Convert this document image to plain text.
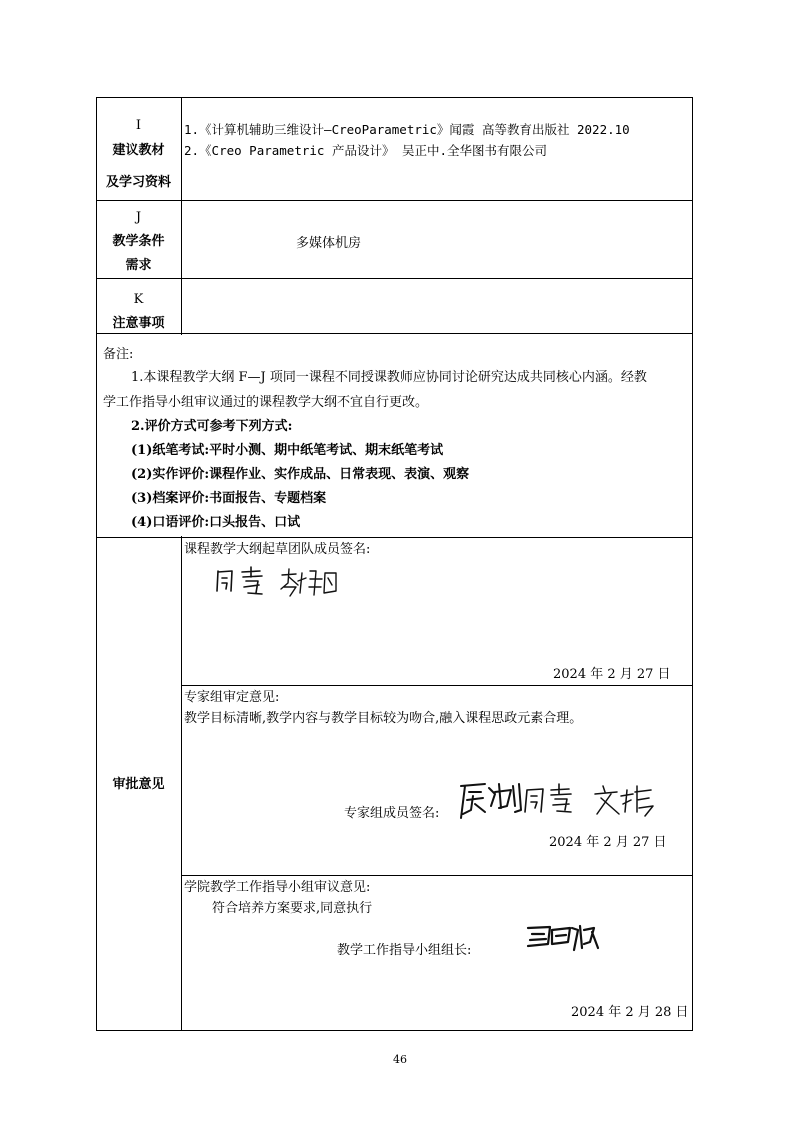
I
建议教材
及学习资料
1.《计算机辅助三维设计—CreoParametric》闻霞 高等教育出版社 2022.10
2.《Creo Parametric 产品设计》 吴正中.全华图书有限公司
J
教学条件
需求
多媒体机房
K
注意事项
备注:
1.本课程教学大纲 F—J 项同一课程不同授课教师应协同讨论研究达成共同核心内涵。经教
学工作指导小组审议通过的课程教学大纲不宜自行更改。
2.评价方式可参考下列方式:
(1)纸笔考试:平时小测、期中纸笔考试、期末纸笔考试
(2)实作评价:课程作业、实作成品、日常表现、表演、观察
(3)档案评价:书面报告、专题档案
(4)口语评价:口头报告、口试
审批意见
课程教学大纲起草团队成员签名:
2024 年 2 月 27 日
专家组审定意见:
教学目标清晰,教学内容与教学目标较为吻合,融入课程思政元素合理。
专家组成员签名:
2024 年 2 月 27 日
学院教学工作指导小组审议意见:
符合培养方案要求,同意执行
教学工作指导小组组长:
2024 年 2 月 28 日
46
